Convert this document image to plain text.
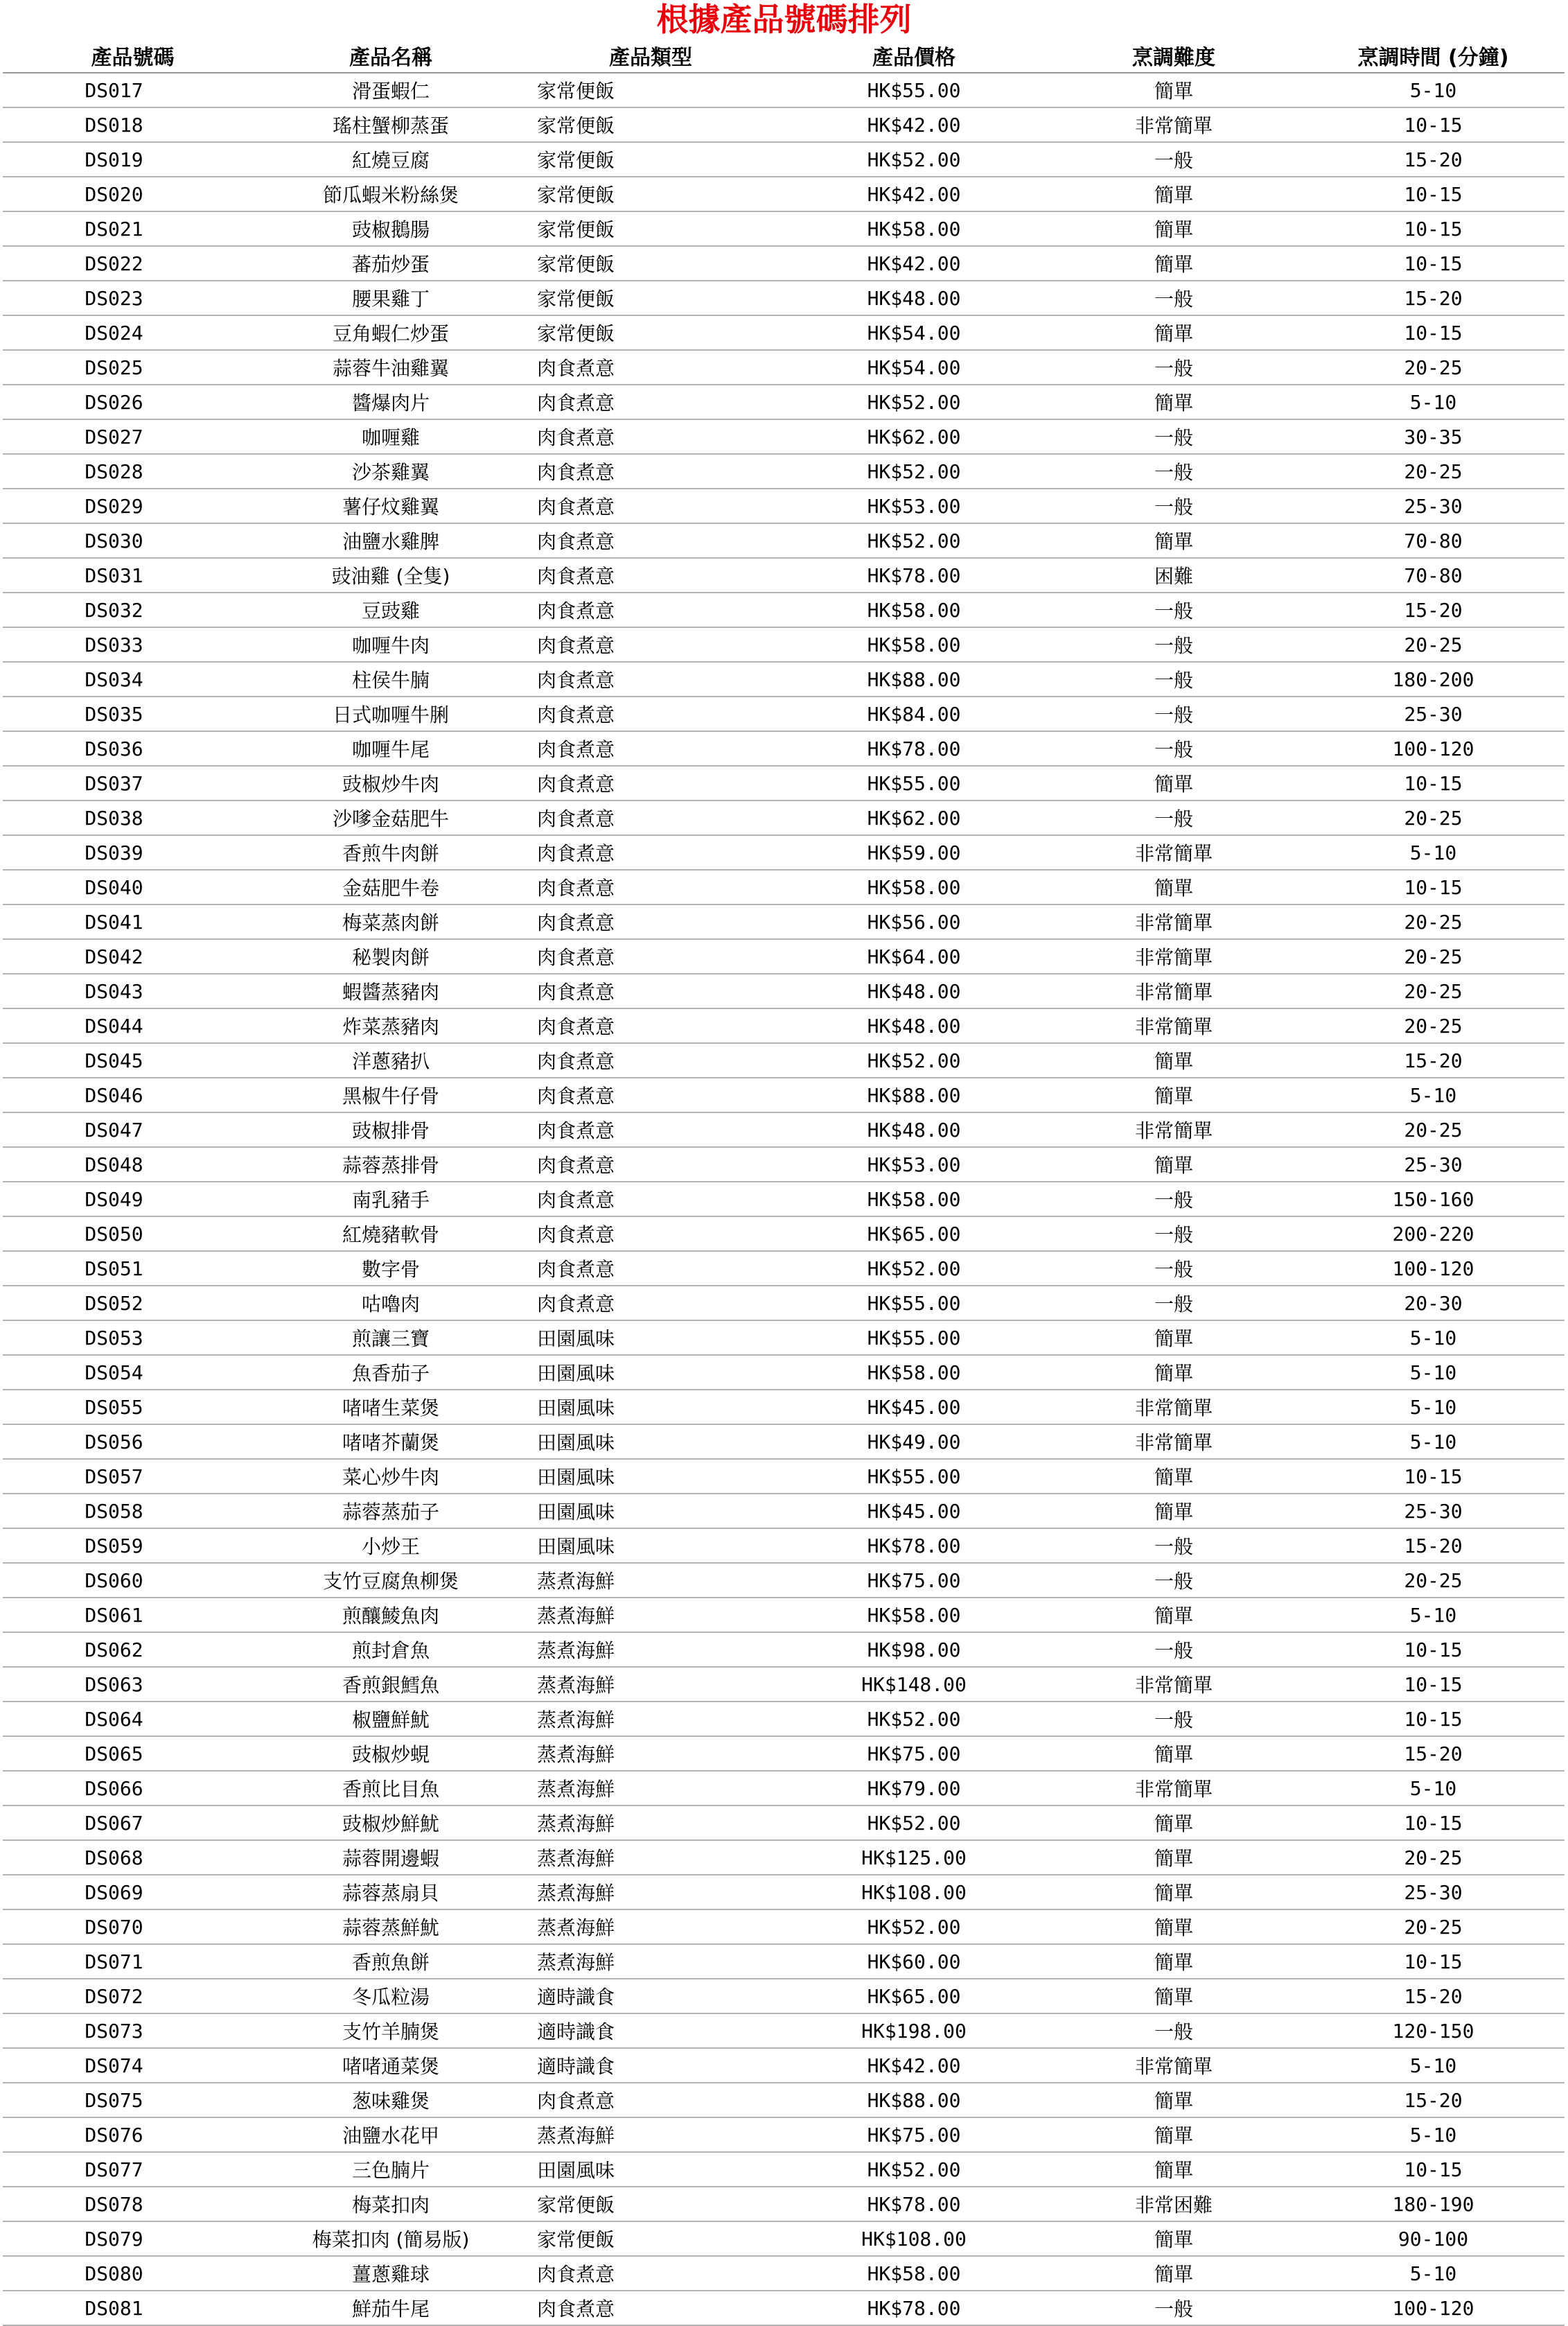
根據產品號碼排列
產品號碼	產品名稱	產品類型	產品價格	烹調難度	烹調時間 (分鐘)
DS017	滑蛋蝦仁	家常便飯	HK$55.00	簡單	5-10
DS018	瑤柱蟹柳蒸蛋	家常便飯	HK$42.00	非常簡單	10-15
DS019	紅燒豆腐	家常便飯	HK$52.00	一般	15-20
DS020	節瓜蝦米粉絲煲	家常便飯	HK$42.00	簡單	10-15
DS021	豉椒鵝腸	家常便飯	HK$58.00	簡單	10-15
DS022	蕃茄炒蛋	家常便飯	HK$42.00	簡單	10-15
DS023	腰果雞丁	家常便飯	HK$48.00	一般	15-20
DS024	豆角蝦仁炒蛋	家常便飯	HK$54.00	簡單	10-15
DS025	蒜蓉牛油雞翼	肉食煮意	HK$54.00	一般	20-25
DS026	醬爆肉片	肉食煮意	HK$52.00	簡單	5-10
DS027	咖喱雞	肉食煮意	HK$62.00	一般	30-35
DS028	沙茶雞翼	肉食煮意	HK$52.00	一般	20-25
DS029	薯仔炆雞翼	肉食煮意	HK$53.00	一般	25-30
DS030	油鹽水雞脾	肉食煮意	HK$52.00	簡單	70-80
DS031	豉油雞 (全隻)	肉食煮意	HK$78.00	困難	70-80
DS032	豆豉雞	肉食煮意	HK$58.00	一般	15-20
DS033	咖喱牛肉	肉食煮意	HK$58.00	一般	20-25
DS034	柱侯牛腩	肉食煮意	HK$88.00	一般	180-200
DS035	日式咖喱牛脷	肉食煮意	HK$84.00	一般	25-30
DS036	咖喱牛尾	肉食煮意	HK$78.00	一般	100-120
DS037	豉椒炒牛肉	肉食煮意	HK$55.00	簡單	10-15
DS038	沙嗲金菇肥牛	肉食煮意	HK$62.00	一般	20-25
DS039	香煎牛肉餅	肉食煮意	HK$59.00	非常簡單	5-10
DS040	金菇肥牛卷	肉食煮意	HK$58.00	簡單	10-15
DS041	梅菜蒸肉餅	肉食煮意	HK$56.00	非常簡單	20-25
DS042	秘製肉餅	肉食煮意	HK$64.00	非常簡單	20-25
DS043	蝦醬蒸豬肉	肉食煮意	HK$48.00	非常簡單	20-25
DS044	炸菜蒸豬肉	肉食煮意	HK$48.00	非常簡單	20-25
DS045	洋蔥豬扒	肉食煮意	HK$52.00	簡單	15-20
DS046	黑椒牛仔骨	肉食煮意	HK$88.00	簡單	5-10
DS047	豉椒排骨	肉食煮意	HK$48.00	非常簡單	20-25
DS048	蒜蓉蒸排骨	肉食煮意	HK$53.00	簡單	25-30
DS049	南乳豬手	肉食煮意	HK$58.00	一般	150-160
DS050	紅燒豬軟骨	肉食煮意	HK$65.00	一般	200-220
DS051	數字骨	肉食煮意	HK$52.00	一般	100-120
DS052	咕嚕肉	肉食煮意	HK$55.00	一般	20-30
DS053	煎讓三寶	田園風味	HK$55.00	簡單	5-10
DS054	魚香茄子	田園風味	HK$58.00	簡單	5-10
DS055	啫啫生菜煲	田園風味	HK$45.00	非常簡單	5-10
DS056	啫啫芥蘭煲	田園風味	HK$49.00	非常簡單	5-10
DS057	菜心炒牛肉	田園風味	HK$55.00	簡單	10-15
DS058	蒜蓉蒸茄子	田園風味	HK$45.00	簡單	25-30
DS059	小炒王	田園風味	HK$78.00	一般	15-20
DS060	支竹豆腐魚柳煲	蒸煮海鮮	HK$75.00	一般	20-25
DS061	煎釀鯪魚肉	蒸煮海鮮	HK$58.00	簡單	5-10
DS062	煎封倉魚	蒸煮海鮮	HK$98.00	一般	10-15
DS063	香煎銀鱈魚	蒸煮海鮮	HK$148.00	非常簡單	10-15
DS064	椒鹽鮮魷	蒸煮海鮮	HK$52.00	一般	10-15
DS065	豉椒炒蜆	蒸煮海鮮	HK$75.00	簡單	15-20
DS066	香煎比目魚	蒸煮海鮮	HK$79.00	非常簡單	5-10
DS067	豉椒炒鮮魷	蒸煮海鮮	HK$52.00	簡單	10-15
DS068	蒜蓉開邊蝦	蒸煮海鮮	HK$125.00	簡單	20-25
DS069	蒜蓉蒸扇貝	蒸煮海鮮	HK$108.00	簡單	25-30
DS070	蒜蓉蒸鮮魷	蒸煮海鮮	HK$52.00	簡單	20-25
DS071	香煎魚餅	蒸煮海鮮	HK$60.00	簡單	10-15
DS072	冬瓜粒湯	適時識食	HK$65.00	簡單	15-20
DS073	支竹羊腩煲	適時識食	HK$198.00	一般	120-150
DS074	啫啫通菜煲	適時識食	HK$42.00	非常簡單	5-10
DS075	葱味雞煲	肉食煮意	HK$88.00	簡單	15-20
DS076	油鹽水花甲	蒸煮海鮮	HK$75.00	簡單	5-10
DS077	三色腩片	田園風味	HK$52.00	簡單	10-15
DS078	梅菜扣肉	家常便飯	HK$78.00	非常困難	180-190
DS079	梅菜扣肉 (簡易版)	家常便飯	HK$108.00	簡單	90-100
DS080	薑蔥雞球	肉食煮意	HK$58.00	簡單	5-10
DS081	鮮茄牛尾	肉食煮意	HK$78.00	一般	100-120
